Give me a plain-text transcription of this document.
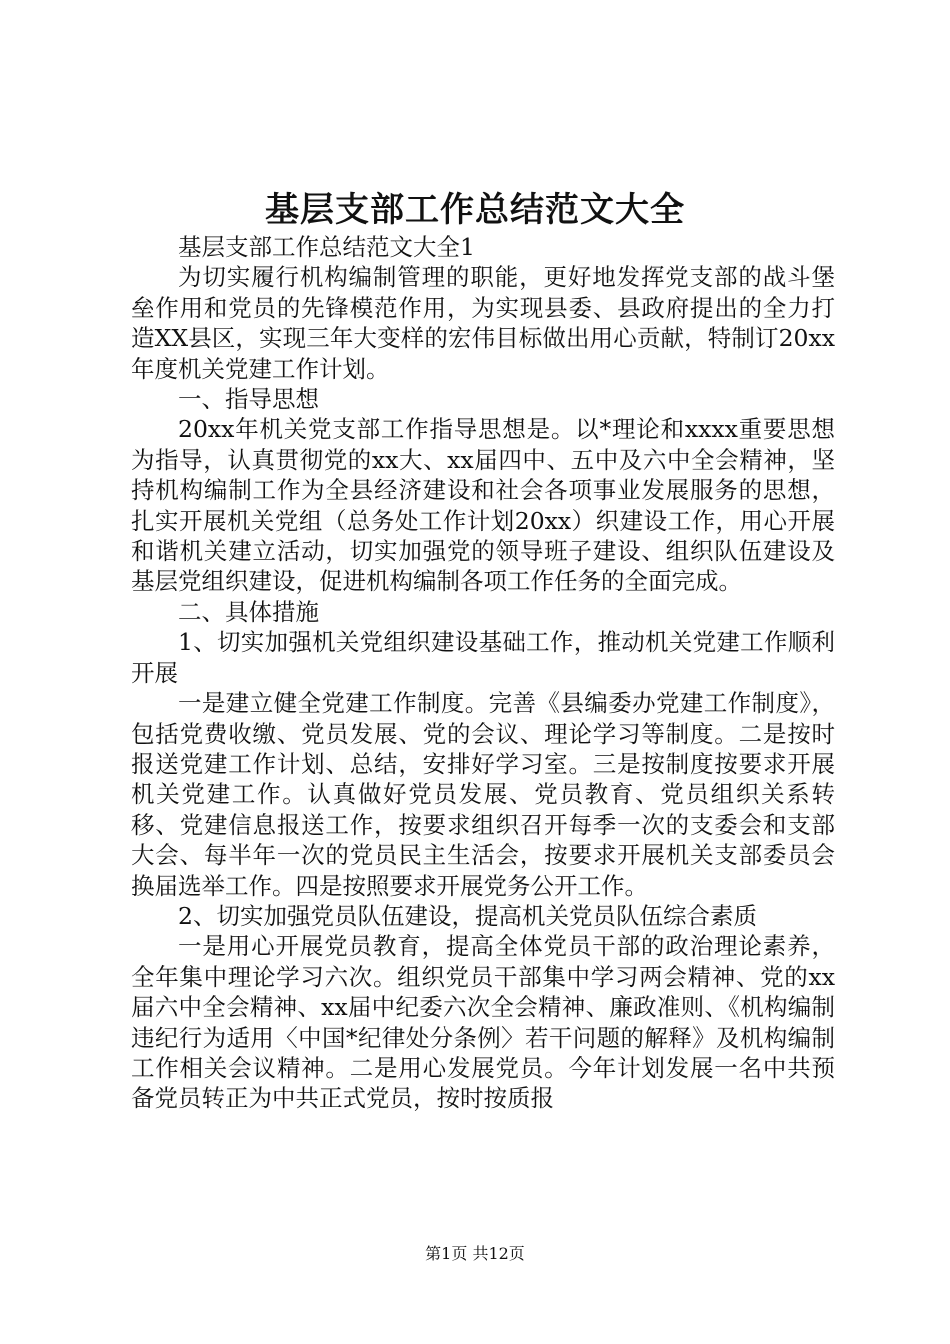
基层支部工作总结范文大全

基层支部工作总结范文大全1

为切实履行机构编制管理的职能，更好地发挥党支部的战斗堡垒作用和党员的先锋模范作用，为实现县委、县政府提出的全力打造XX县区，实现三年大变样的宏伟目标做出用心贡献，特制订20xx年度机关党建工作计划。

一、指导思想

20xx年机关党支部工作指导思想是。以*理论和xxxx重要思想为指导，认真贯彻党的xx大、xx届四中、五中及六中全会精神，坚持机构编制工作为全县经济建设和社会各项事业发展服务的思想，扎实开展机关党组（总务处工作计划20xx）织建设工作，用心开展和谐机关建立活动，切实加强党的领导班子建设、组织队伍建设及基层党组织建设，促进机构编制各项工作任务的全面完成。

二、具体措施

1、切实加强机关党组织建设基础工作，推动机关党建工作顺利开展

一是建立健全党建工作制度。完善《县编委办党建工作制度》，包括党费收缴、党员发展、党的会议、理论学习等制度。二是按时报送党建工作计划、总结，安排好学习室。三是按制度按要求开展机关党建工作。认真做好党员发展、党员教育、党员组织关系转移、党建信息报送工作，按要求组织召开每季一次的支委会和支部大会、每半年一次的党员民主生活会，按要求开展机关支部委员会换届选举工作。四是按照要求开展党务公开工作。

2、切实加强党员队伍建设，提高机关党员队伍综合素质

一是用心开展党员教育，提高全体党员干部的政治理论素养，全年集中理论学习六次。组织党员干部集中学习两会精神、党的xx届六中全会精神、xx届中纪委六次全会精神、廉政准则、《机构编制违纪行为适用〈中国*纪律处分条例〉若干问题的解释》及机构编制工作相关会议精神。二是用心发展党员。今年计划发展一名中共预备党员转正为中共正式党员，按时按质报

第1页 共12页
